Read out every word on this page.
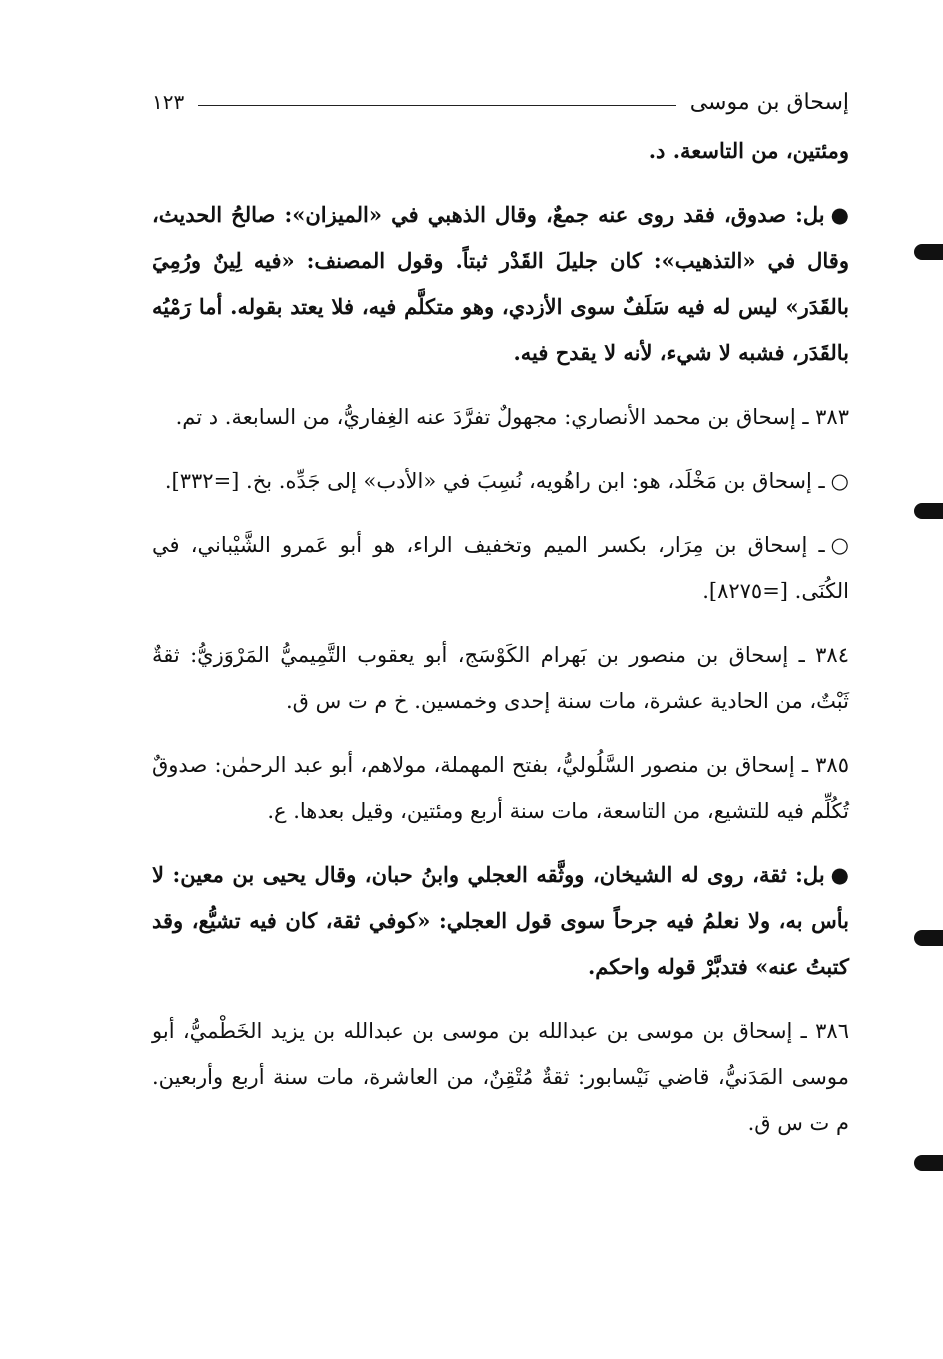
إسحاق بن موسى
١٢٣

ومئتين، من التاسعة. د.

●بل: صدوق، فقد روى عنه جمعٌ، وقال الذهبي في «الميزان»: صالحُ الحديث، وقال في «التذهيب»: كان جليلَ القَدْر ثبتاً. وقول المصنف: «فيه لِينٌ ورُمِيَ بالقَدَر» ليس له فيه سَلَفٌ سوى الأزدي، وهو متكلَّم فيه، فلا يعتد بقوله. أما رَمْيُه بالقَدَر، فشبه لا شيء، لأنه لا يقدح فيه.

٣٨٣ ـ إسحاق بن محمد الأنصاري: مجهولٌ تفرَّدَ عنه الغِفاريُّ، من السابعة. د تم.

○ـ إسحاق بن مَخْلَد، هو: ابن راهُويه، نُسِبَ في «الأدب» إلى جَدِّه. بخ. [=٣٣٢].

○ـ إسحاق بن مِرَار، بكسر الميم وتخفيف الراء، هو أبو عَمرو الشَّيْباني، في الكُنَى. [=٨٢٧٥].

٣٨٤ ـ إسحاق بن منصور بن بَهرام الكَوْسَج، أبو يعقوب التَّمِيميُّ المَرْوَزيُّ: ثقةٌ ثَبْتٌ، من الحادية عشرة، مات سنة إحدى وخمسين. خ م ت س ق.

٣٨٥ ـ إسحاق بن منصور السَّلُوليُّ، بفتح المهملة، مولاهم، أبو عبد الرحمٰن: صدوقٌ تُكُلِّم فيه للتشيع، من التاسعة، مات سنة أربع ومئتين، وقيل بعدها. ع.

●بل: ثقة، روى له الشيخان، ووثَّقه العجلي وابنُ حبان، وقال يحيى بن معين: لا بأس به، ولا نعلمُ فيه جرحاً سوى قول العجلي: «كوفي ثقة، كان فيه تشيُّع، وقد كتبتُ عنه» فتدبَّرْ قوله واحكم.

٣٨٦ ـ إسحاق بن موسى بن عبدالله بن موسى بن عبدالله بن يزيد الخَطْميُّ، أبو موسى المَدَنيُّ، قاضي نَيْسابور: ثقةٌ مُتْقِنٌ، من العاشرة، مات سنة أربع وأربعين. م ت س ق.
